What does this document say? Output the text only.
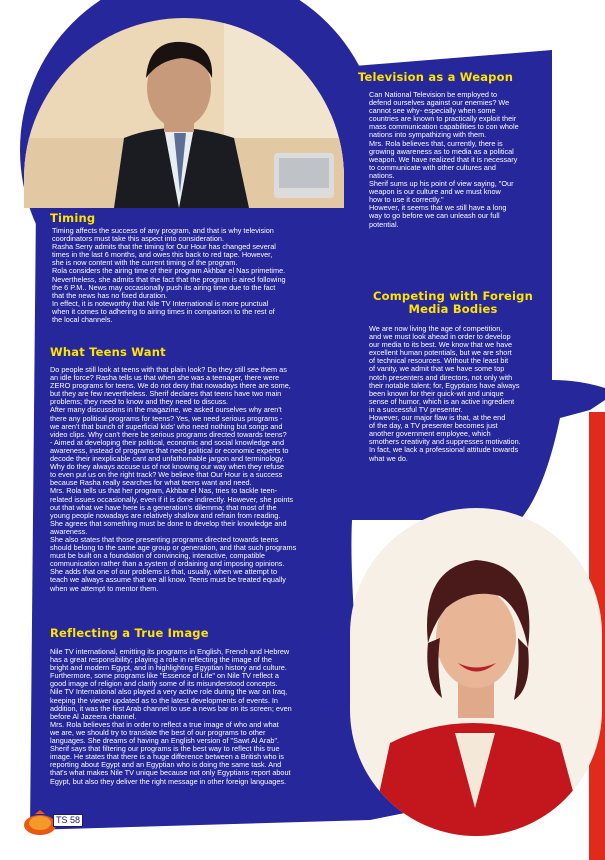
Timing
Timing affects the success of any program, and that is why television
coordinators must take this aspect into consideration.
Rasha Serry admits that the timing for Our Hour has changed several
times in the last 6 months, and owes this back to red tape. However,
she is now content with the current timing of the program.
Rola considers the airing time of their program Akhbar el Nas primetime.
Nevertheless, she admits that the fact that the program is aired following
the 6 P.M.. News may occasionally push its airing time due to the fact
that the news has no fixed duration.
In effect, it is noteworthy that Nile TV International is more punctual
when it comes to adhering to airing times in comparison to the rest of
the local channels.
What Teens Want
Do people still look at teens with that plain look? Do they still see them as
an idle force? Rasha tells us that when she was a teenager, there were
ZERO programs for teens. We do not deny that nowadays there are some,
but they are few nevertheless. Sherif declares that teens have two main
problems; they need to know and they need to discuss.
After many discussions in the magazine, we asked ourselves why aren't
there any political programs for teens? Yes, we need serious programs -
we aren't that bunch of superficial kids' who need nothing but songs and
video clips. Why can't there be serious programs directed towards teens?
- Aimed at developing their political, economic and social knowledge and
awareness, instead of programs that need political or economic experts to
decode their inexplicable cant and unfathomable jargon and terminology.
Why do they always accuse us of not knowing our way when they refuse
to even put us on the right track? We believe that Our Hour is a success
because Rasha really searches for what teens want and need.
Mrs. Rola tells us that her program, Akhbar el Nas, tries to tackle teen-
related issues occasionally, even if it is done indirectly. However, she points
out that what we have here is a generation's dilemma; that most of the
young people nowadays are relatively shallow and refrain from reading.
She agrees that something must be done to develop their knowledge and
awareness.
She also states that those presenting programs directed towards teens
should belong to the same age group or generation, and that such programs
must be built on a foundation of convincing, interactive, compatible
communication rather than a system of ordaining and imposing opinions.
She adds that one of our problems is that, usually, when we attempt to
teach we always assume that we all know. Teens must be treated equally
when we attempt to mentor them.
Reflecting a True Image
Nile TV international, emitting its programs in English, French and Hebrew
has a great responsibility; playing a role in reflecting the image of the
bright and modern Egypt, and in highlighting Egyptian history and culture.
Furthermore, some programs like "Essence of Life" on Nile TV reflect a
good image of religion and clarify some of its misunderstood concepts.
Nile TV International also played a very active role during the war on Iraq,
keeping the viewer updated as to the latest developments of events. In
addition, it was the first Arab channel to use a news bar on its screen; even
before Al Jazeera channel.
Mrs. Rola believes that in order to reflect a true image of who and what
we are, we should try to translate the best of our programs to other
languages. She dreams of having an English version of "Sawt Al Arab".
Sherif says that filtering our programs is the best way to reflect this true
image. He states that there is a huge difference between a British who is
reporting about Egypt and an Egyptian who is doing the same task. And
that's what makes Nile TV unique because not only Egyptians report about
Egypt, but also they deliver the right message in other foreign languages.
Television as a Weapon
Can National Television be employed to
defend ourselves against our enemies? We
cannot see why- especially when some
countries are known to practically exploit their
mass communication capabilities to con whole
nations into sympathizing with them.
Mrs. Rola believes that, currently, there is
growing awareness as to media as a political
weapon. We have realized that it is necessary
to communicate with other cultures and
nations.
Sherif sums up his point of view saying, "Our
weapon is our culture and we must know
how to use it correctly."
However, it seems that we still have a long
way to go before we can unleash our full
potential.
Competing with Foreign
Media Bodies
We are now living the age of competition,
and we must look ahead in order to develop
our media to its best. We know that we have
excellent human potentials, but we are short
of technical resources. Without the least bit
of vanity, we admit that we have some top
notch presenters and directors, not only with
their notable talent; for, Egyptians have always
been known for their quick-wit and unique
sense of humor, which is an active ingredient
in a successful TV presenter.
However, our major flaw is that, at the end
of the day, a TV presenter becomes just
another government employee, which
smothers creativity and suppresses motivation.
In fact, we lack a professional attitude towards
what we do.
TS 58
